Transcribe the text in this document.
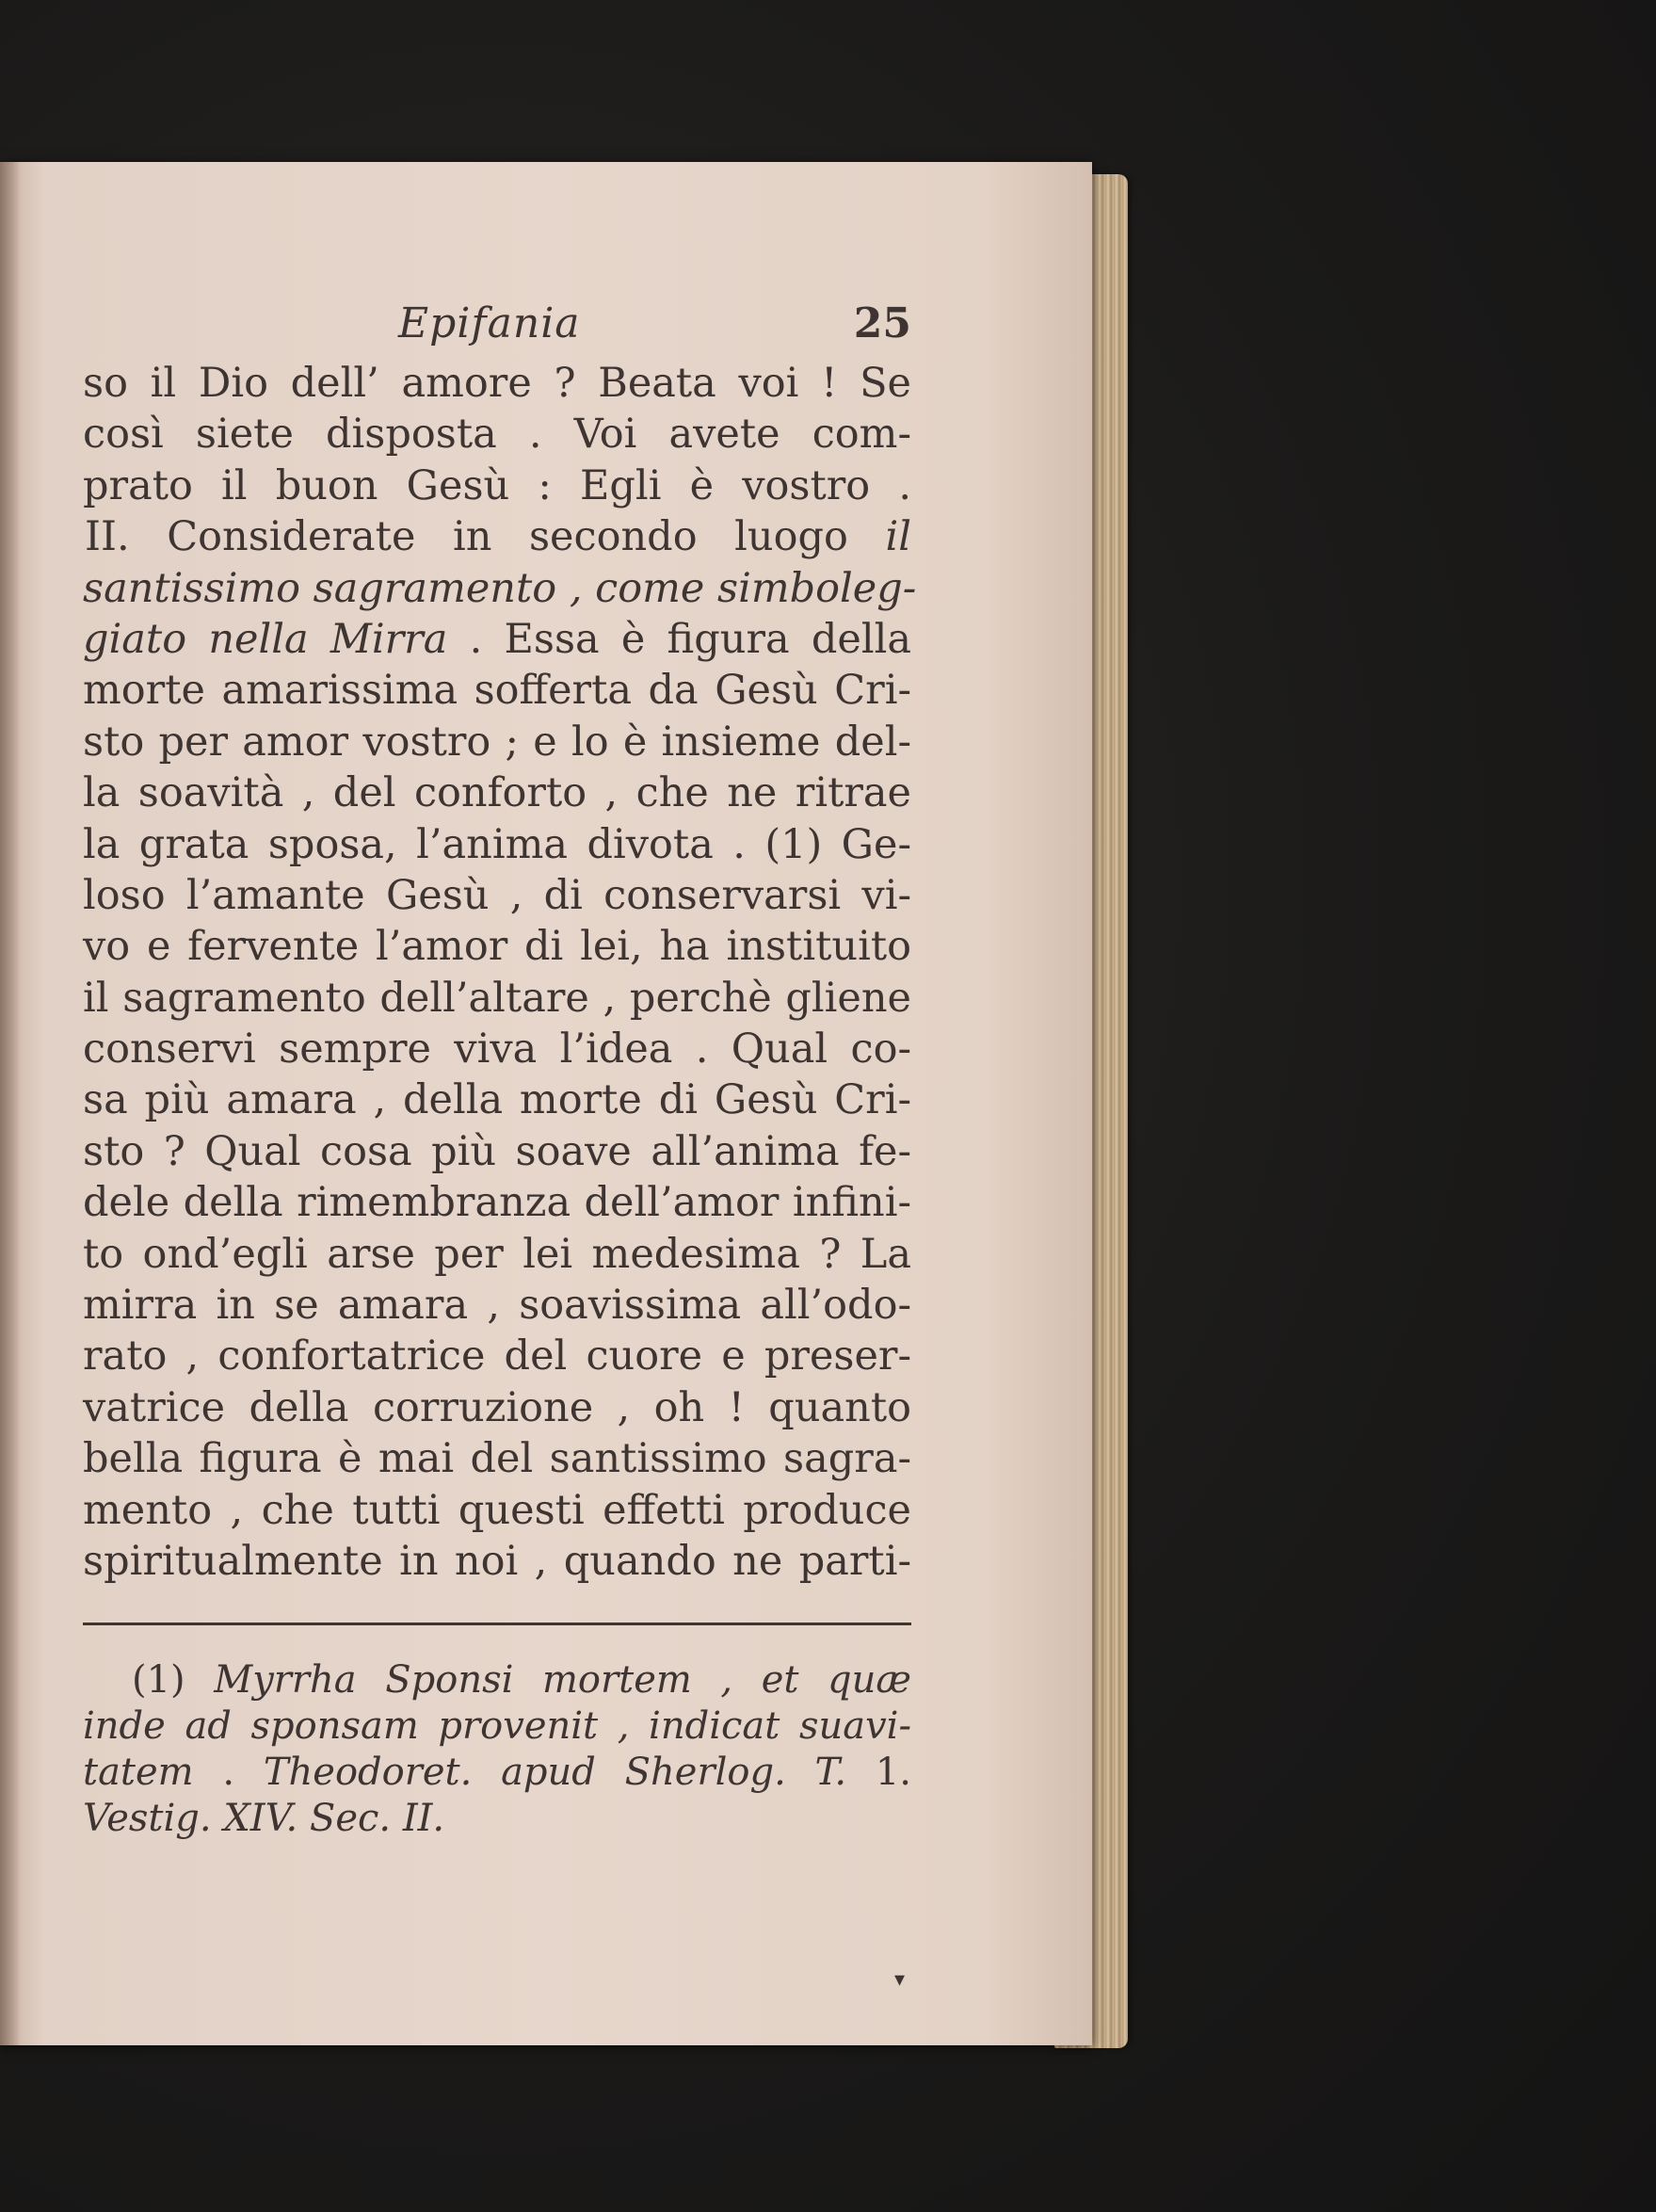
Epifania	25
so il Dio dell’ amore ? Beata voi ! Se
così siete disposta . Voi avete com-
prato il buon Gesù : Egli è vostro .
II. Considerate in secondo luogo il
santissimo sagramento , come simboleg-
giato nella Mirra . Essa è figura della
morte amarissima sofferta da Gesù Cri-
sto per amor vostro ; e lo è insieme del-
la soavità , del conforto , che ne ritrae
la grata sposa, l’anima divota . (1) Ge-
loso l’amante Gesù , di conservarsi vi-
vo e fervente l’amor di lei, ha instituito
il sagramento dell’altare , perchè gliene
conservi sempre viva l’idea . Qual co-
sa più amara , della morte di Gesù Cri-
sto ? Qual cosa più soave all’anima fe-
dele della rimembranza dell’amor infini-
to ond’egli arse per lei medesima ? La
mirra in se amara , soavissima all’odo-
rato , confortatrice del cuore e preser-
vatrice della corruzione , oh ! quanto
bella figura è mai del santissimo sagra-
mento , che tutti questi effetti produce
spiritualmente in noi , quando ne parti-
(1) Myrrha Sponsi mortem , et quæ
inde ad sponsam provenit , indicat suavi-
tatem . Theodoret. apud Sherlog. T. 1.
Vestig. XIV. Sec. II.
▾
